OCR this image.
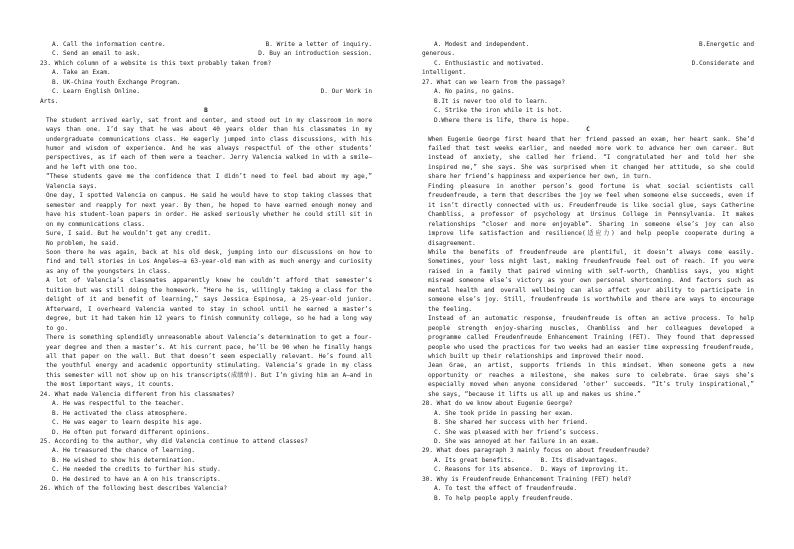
A. Call the information centre.	B. Write a letter of inquiry.
C. Send an email to ask.	D. Buy an introduction session.

23. Which column of a website is this text probably taken from?

A. Take an Exam.

B. UK-China Youth Exchange Program.

C. Learn English Online.	D. Our Work in

Arts.

B

The student arrived early, sat front and center, and stood out in my classroom in more ways than one. I’d say that he was about 40 years older than his classmates in my undergraduate communications class. He eagerly jumped into class discussions, with his humor and wisdom of experience. And he was always respectful of the other students’ perspectives, as if each of them were a teacher. Jerry Valencia walked in with a smile—and he left with one too.

“These students gave me the confidence that I didn’t need to feel bad about my age,” Valencia says.

One day, I spotted Valencia on campus. He said he would have to stop taking classes that semester and reapply for next year. By then, he hoped to have earned enough money and have his student-loan papers in order. He asked seriously whether he could still sit in on my communications class.

Sure, I said. But he wouldn’t get any credit.

No problem, he said.

Soon there he was again, back at his old desk, jumping into our discussions on how to find and tell stories in Los Angeles—a 63-year-old man with as much energy and curiosity as any of the youngsters in class.

A lot of Valencia’s classmates apparently knew he couldn’t afford that semester’s tuition but was still doing the homework. “Here he is, willingly taking a class for the delight of it and benefit of learning,” says Jessica Espinosa, a 25-year-old junior. Afterward, I overheard Valencia wanted to stay in school until he earned a master’s degree, but it had taken him 12 years to finish community college, so he had a long way to go.

There is something splendidly unreasonable about Valencia’s determination to get a four-year degree and then a master’s. At his current pace, he’ll be 90 when he finally hangs all that paper on the wall. But that doesn’t seem especially relevant. He’s found all the youthful energy and academic opportunity stimulating. Valencia’s grade in my class this semester will not show up on his transcripts(成绩单). But I’m giving him an A—and in the most important ways, it counts.

24. What made Valencia different from his classmates?

A. He was respectful to the teacher.

B. He activated the class atmosphere.

C. He was eager to learn despite his age.

D. He often put forward different opinions.

25. According to the author, why did Valencia continue to attend classes?

A. He treasured the chance of learning.

B. He wished to show his determination.

C. He needed the credits to further his study.

D. He desired to have an A on his transcripts.

26. Which of the following best describes Valencia?

A. Modest and independent.	B.Energetic and

generous.

C. Enthusiastic and motivated.	D.Considerate and

intelligent.

27. What can we learn from the passage?

A. No pains, no gains.

B.It is never too old to learn.

C. Strike the iron while it is hot.

D.Where there is life, there is hope.

C

When Eugenie George first heard that her friend passed an exam, her heart sank. She’d failed that test weeks earlier, and needed more work to advance her own career. But instead of anxiety, she called her friend. “I congratulated her and told her she inspired me,” she says. She was surprised when it changed her attitude, so she could share her friend’s happiness and experience her own, in turn.

Finding pleasure in another person’s good fortune is what social scientists call freudenfreude, a term that describes the joy we feel when someone else succeeds, even if it isn’t directly connected with us. Freudenfreude is like social glue, says Catherine Chambliss, a professor of psychology at Ursinus College in Pennsylvania. It makes relationships “closer and more enjoyable”. Sharing in someone else’s joy can also improve life satisfaction and resilience(适应力) and help people cooperate during a disagreement.

While the benefits of freudenfreude are plentiful, it doesn’t always come easily. Sometimes, your loss might last, making freudenfreude feel out of reach. If you were raised in a family that paired winning with self-worth, Chambliss says, you might misread someone else’s victory as your own personal shortcoming. And factors such as mental health and overall wellbeing can also affect your ability to participate in someone else’s joy. Still, freudenfreude is worthwhile and there are ways to encourage the feeling.

Instead of an automatic response, freudenfreude is often an active process. To help people strength enjoy-sharing muscles, Chambliss and her colleagues developed a programme called Freudenfreude Enhancement Training (FET). They found that depressed people who used the practices for two weeks had an easier time expressing freudenfreude, which built up their relationships and improved their mood.

Jean Grae, an artist, supports friends in this mindset. When someone gets a new opportunity or reaches a milestone, she makes sure to celebrate. Grae says she’s especially moved when anyone considered ‘other’ succeeds. “It’s truly inspirational,” she says, “because it lifts us all up and makes us shine.”

28. What do we know about Eugenie George?

A. She took pride in passing her exam.

B. She shared her success with her friend.

C. She was pleased with her friend’s success.

D. She was annoyed at her failure in an exam.

29. What does paragraph 3 mainly focus on about freudenfreude?

A. Its great benefits.	B. Its disadvantages.
C. Reasons for its absence.	D. Ways of improving it.

30. Why is Freudenfreude Enhancement Training (FET) held?

A. To test the effect of freudenfreude.

B. To help people apply freudenfreude.
